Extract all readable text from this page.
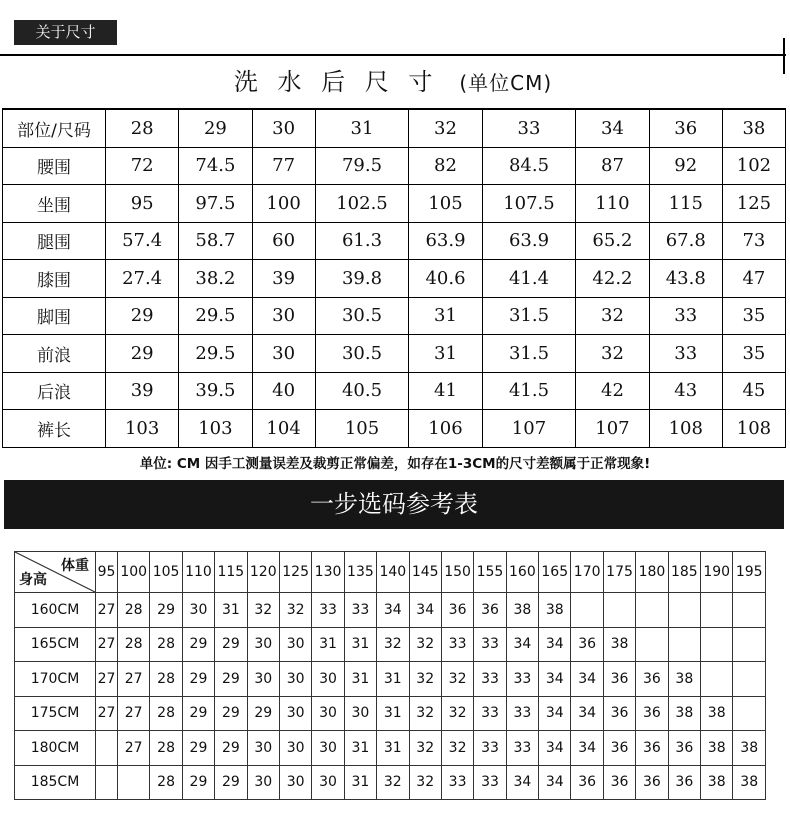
关于尺寸
洗 水 后 尺 寸 (单位CM)
部位/尺码	28	29	30	31	32	33	34	36	38
腰围	72	74.5	77	79.5	82	84.5	87	92	102
坐围	95	97.5	100	102.5	105	107.5	110	115	125
腿围	57.4	58.7	60	61.3	63.9	63.9	65.2	67.8	73
膝围	27.4	38.2	39	39.8	40.6	41.4	42.2	43.8	47
脚围	29	29.5	30	30.5	31	31.5	32	33	35
前浪	29	29.5	30	30.5	31	31.5	32	33	35
后浪	39	39.5	40	40.5	41	41.5	42	43	45
裤长	103	103	104	105	106	107	107	108	108
单位: CM 因手工测量误差及裁剪正常偏差，如存在1-3CM的尺寸差额属于正常现象!
一步选码参考表
体重
身高	95	100	105	110	115	120	125	130	135	140	145	150	155	160	165	170	175	180	185	190	195
160CM	27	28	29	30	31	32	32	33	33	34	34	36	36	38	38						
165CM	27	28	28	29	29	30	30	31	31	32	32	33	33	34	34	36	38				
170CM	27	27	28	29	29	30	30	30	31	31	32	32	33	33	34	34	36	36	38		
175CM	27	27	28	29	29	29	30	30	30	31	32	32	33	33	34	34	36	36	38	38	
180CM		27	28	29	29	30	30	30	31	31	32	32	33	33	34	34	36	36	36	38	38
185CM			28	29	29	30	30	30	31	32	32	33	33	34	34	36	36	36	36	38	38
